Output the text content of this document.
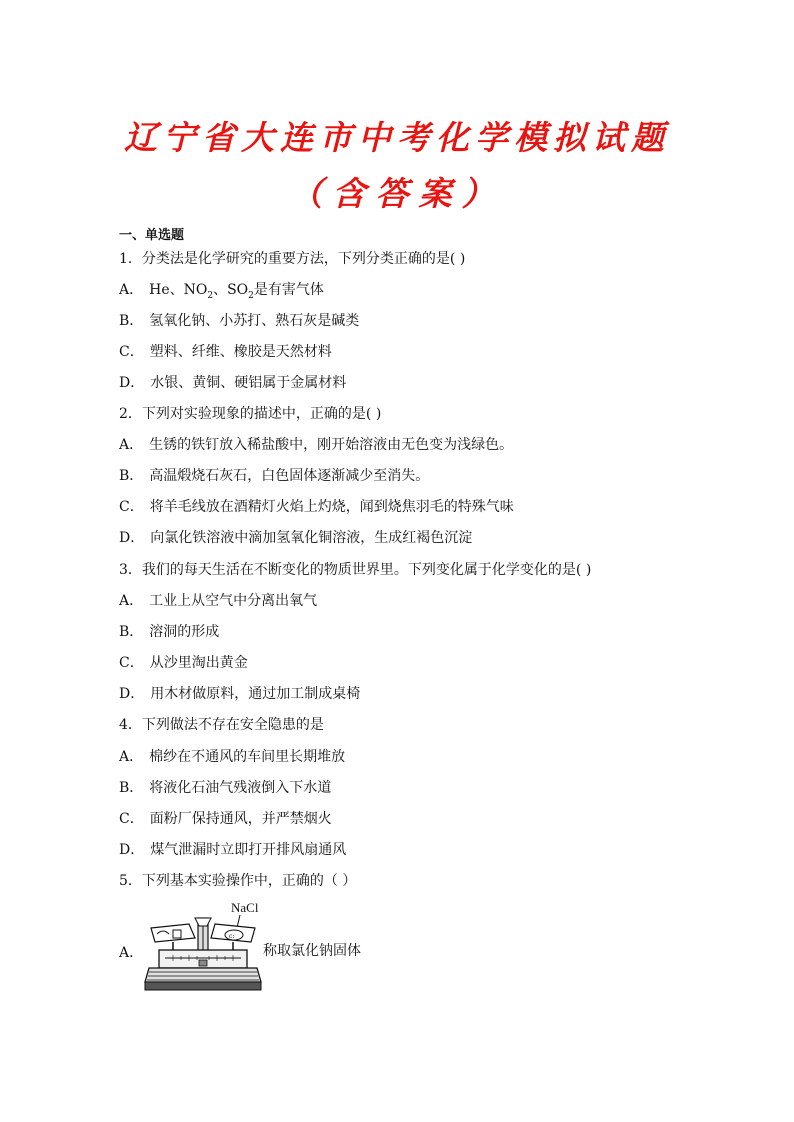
辽宁省大连市中考化学模拟试题
（含答案）
一、单选题
1．分类法是化学研究的重要方法，下列分类正确的是( )
A． He、$NO_2$、$SO_2$是有害气体
B． 氢氧化钠、小苏打、熟石灰是碱类
C． 塑料、纤维、橡胶是天然材料
D． 水银、黄铜、硬铝属于金属材料
2．下列对实验现象的描述中，正确的是( )
A． 生锈的铁钉放入稀盐酸中，刚开始溶液由无色变为浅绿色。
B． 高温煅烧石灰石，白色固体逐渐减少至消失。
C． 将羊毛线放在酒精灯火焰上灼烧，闻到烧焦羽毛的特殊气味
D． 向氯化铁溶液中滴加氢氧化铜溶液，生成红褐色沉淀
3．我们的每天生活在不断变化的物质世界里。下列变化属于化学变化的是( )
A． 工业上从空气中分离出氧气
B． 溶洞的形成
C． 从沙里淘出黄金
D． 用木材做原料，通过加工制成桌椅
4．下列做法不存在安全隐患的是
A． 棉纱在不通风的车间里长期堆放
B． 将液化石油气残液倒入下水道
C． 面粉厂保持通风，并严禁烟火
D． 煤气泄漏时立即打开排风扇通风
5．下列基本实验操作中，正确的（ ）
A．
NaCl
c:
称取氯化钠固体
